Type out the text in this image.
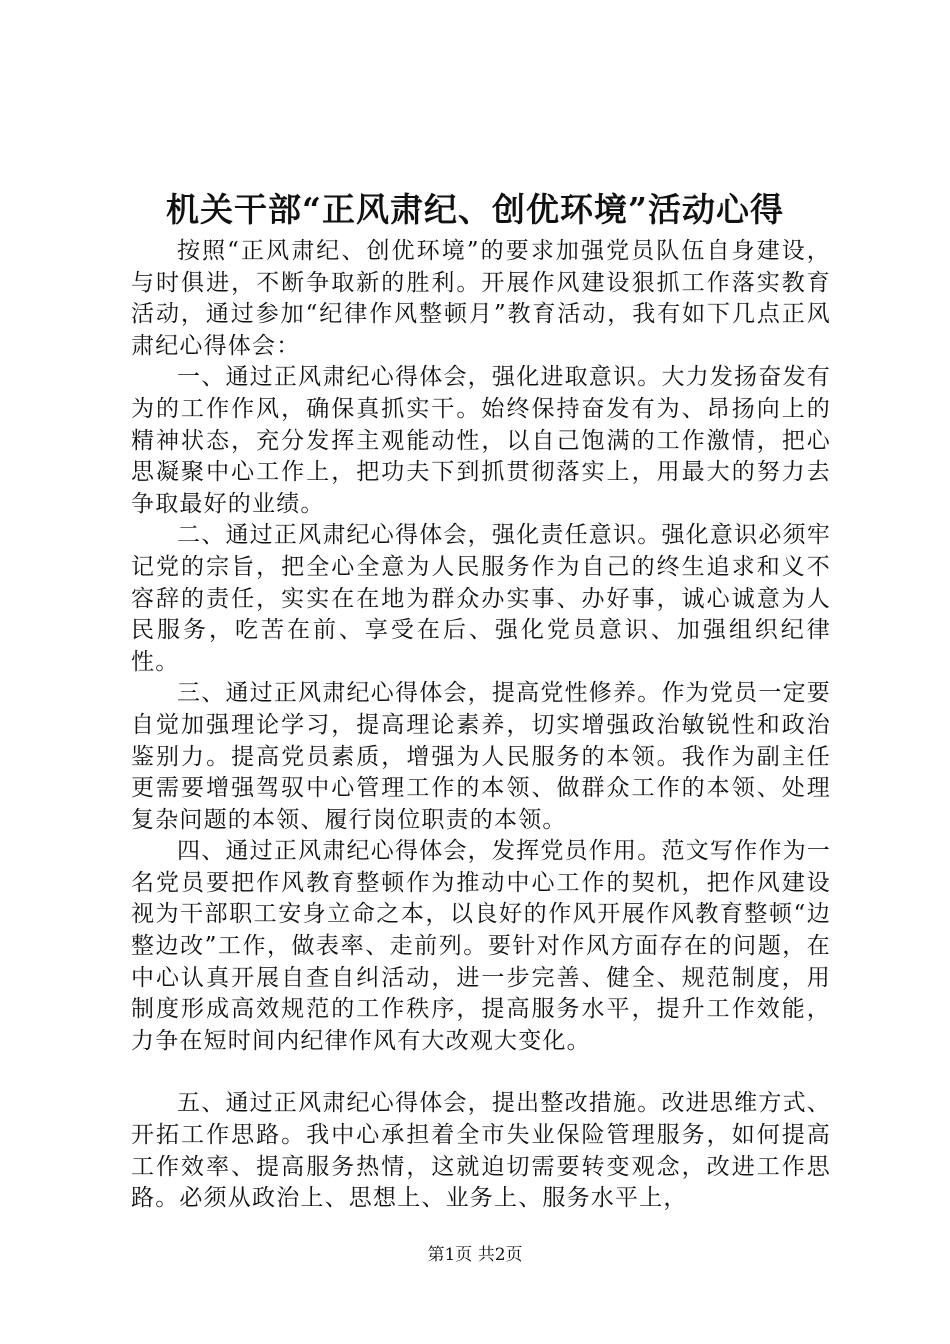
机关干部“正风肃纪、创优环境”活动心得

按照“正风肃纪、创优环境”的要求加强党员队伍自身建设，与时俱进，不断争取新的胜利。开展作风建设狠抓工作落实教育活动，通过参加“纪律作风整顿月”教育活动，我有如下几点正风肃纪心得体会：

一、通过正风肃纪心得体会，强化进取意识。大力发扬奋发有为的工作作风，确保真抓实干。始终保持奋发有为、昂扬向上的精神状态，充分发挥主观能动性，以自己饱满的工作激情，把心思凝聚中心工作上，把功夫下到抓贯彻落实上，用最大的努力去争取最好的业绩。

二、通过正风肃纪心得体会，强化责任意识。强化意识必须牢记党的宗旨，把全心全意为人民服务作为自己的终生追求和义不容辞的责任，实实在在地为群众办实事、办好事，诚心诚意为人民服务，吃苦在前、享受在后、强化党员意识、加强组织纪律性。

三、通过正风肃纪心得体会，提高党性修养。作为党员一定要自觉加强理论学习，提高理论素养，切实增强政治敏锐性和政治鉴别力。提高党员素质，增强为人民服务的本领。我作为副主任更需要增强驾驭中心管理工作的本领、做群众工作的本领、处理复杂问题的本领、履行岗位职责的本领。

四、通过正风肃纪心得体会，发挥党员作用。范文写作作为一名党员要把作风教育整顿作为推动中心工作的契机，把作风建设视为干部职工安身立命之本，以良好的作风开展作风教育整顿“边整边改”工作，做表率、走前列。要针对作风方面存在的问题，在中心认真开展自查自纠活动，进一步完善、健全、规范制度，用制度形成高效规范的工作秩序，提高服务水平，提升工作效能，力争在短时间内纪律作风有大改观大变化。

五、通过正风肃纪心得体会，提出整改措施。改进思维方式、开拓工作思路。我中心承担着全市失业保险管理服务，如何提高工作效率、提高服务热情，这就迫切需要转变观念，改进工作思路。必须从政治上、思想上、业务上、服务水平上，

第1页 共2页
